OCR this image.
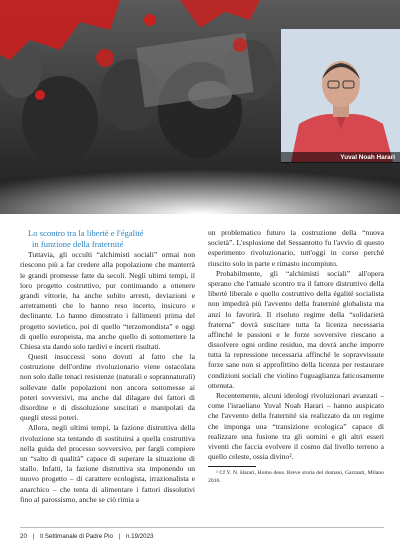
Yuval Noah Harari
Lo scontro tra la libertè e l'égalité
in funzione della fraternité

Tuttavia, gli occulti “alchimisti sociali” ormai non riescono più a far credere alla popolazione che manterrà le grandi promesse fatte da secoli. Negli ultimi tempi, il loro progetto costruttivo, pur continuando a ottenere grandi vittorie, ha anche subito arresti, deviazioni e arretramenti che lo hanno reso incerto, insicuro e declinante. Lo hanno dimostrato i fallimenti prima del progetto sovietico, poi di quello “terzomondista” e oggi di quello europeista, ma anche quello di sottomettere la Chiesa sta dando solo tardivi e incerti risultati.

Questi insuccessi sono dovuti al fatto che la costruzione dell'ordine rivoluzionario viene ostacolata non solo dalle tenaci resistenze (naturali e soprannaturali) sollevate dalle popolazioni non ancora sottomesse ai poteri sovversivi, ma anche dal dilagare dei fattori di disordine e di dissoluzione suscitati e manipolati da quegli stessi poteri.

Allora, negli ultimi tempi, la fazione distruttiva della rivoluzione sta tentando di sostituirsi a quella costruttiva nella guida del processo sovversivo, per fargli compiere un “salto di qualità” capace di superare la situazione di stallo. Infatti, la fazione distruttiva sta imponendo un nuovo progetto – di carattere ecologista, irrazionalista e anarchico – che tenta di alimentare i fattori dissolutivi fino al parossismo, anche se ciò rimia a

un problematico futuro la costruzione della “nuova società”. L'esplosione del Sessantotto fu l'avvio di questo esperimento rivoluzionario, tutt'oggi in corso perché riuscito solo in parte e rimasto incompiuto.

Probabilmente, gli “alchimisti sociali” all'opera sperano che l'attuale scontro tra il fattore distruttivo della libertè liberale e quello costruttivo della égalité socialista non impedirà più l'avvento della fraternité globalista ma anzi lo favorirà. Il risoluto regime della “solidarietà fraterna” dovrà suscitare tutta la licenza necessaria affinché le passioni e le forze sovversive riescano a dissolvere ogni ordine residuo, ma dovrà anche imporre tutta la repressione necessaria affinché le sopravvissute forze sane non si approfittino della licenza per restaurare condizioni sociali che violino l'uguaglianza faticosamente ottenuta.

Recentemente, alcuni ideologi rivoluzionari avanzati – come l'israeliano Yuval Noah Harari – hanno auspicato che l'avvento della fraternité sia realizzato da un regime che imponga una “transizione ecologica” capace di realizzare una fusione tra gli uomini e gli altri esseri viventi che faccia evolvere il cosmo dal livello terreno a quello celeste, ossia divino².

² Cf Y. N. Harari, Homo deus. Breve storia del domani, Garzanti, Milano 2016.

20 | Il Settimanale di Padre Pio | n.19/2023
